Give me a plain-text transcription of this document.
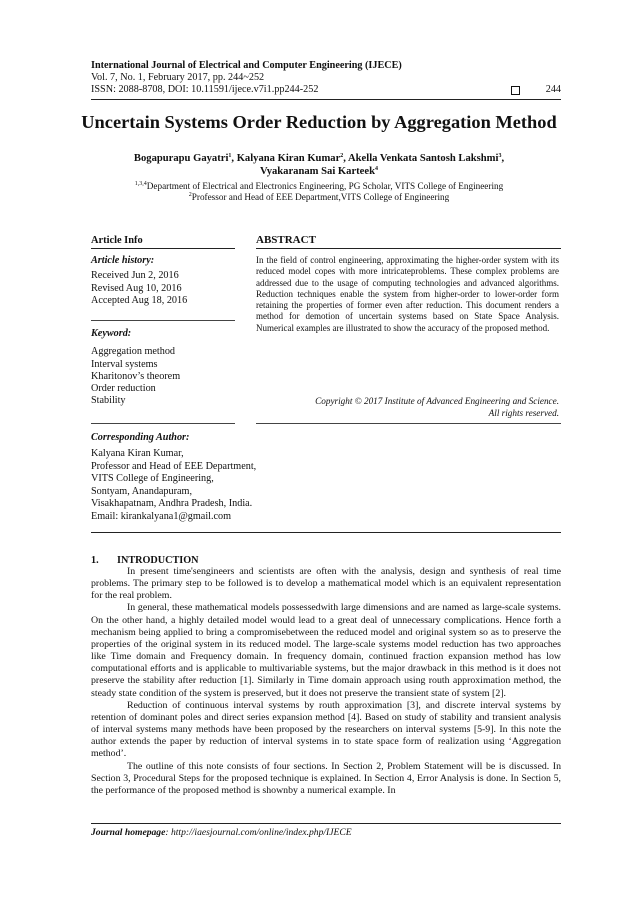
International Journal of Electrical and Computer Engineering (IJECE)
Vol. 7, No. 1, February 2017, pp. 244~252
ISSN: 2088-8708, DOI: 10.11591/ijece.v7i1.pp244-252	244
Uncertain Systems Order Reduction by Aggregation Method
Bogapurapu Gayatri$^1$, Kalyana Kiran Kumar$^2$, Akella Venkata Santosh Lakshmi$^3$,
Vyakaranam Sai Karteek$^4$
$^{1,3,4}$Department of Electrical and Electronics Engineering, PG Scholar, VITS College of Engineering
$^2$Professor and Head of EEE Department,VITS College of Engineering
Article Info
Article history:
Received Jun 2, 2016
Revised Aug 10, 2016
Accepted Aug 18, 2016
Keyword:
Aggregation method
Interval systems
Kharitonov’s theorem
Order reduction
Stability
ABSTRACT
In the field of control engineering, approximating the higher-order system with its reduced model copes with more intricateproblems. These complex problems are addressed due to the usage of computing technologies and advanced algorithms. Reduction techniques enable the system from higher-order to lower-order form retaining the properties of former even after reduction. This document renders a method for demotion of uncertain systems based on State Space Analysis. Numerical examples are illustrated to show the accuracy of the proposed method.
Copyright © 2017 Institute of Advanced Engineering and Science.
All rights reserved.
Corresponding Author:
Kalyana Kiran Kumar,
Professor and Head of EEE Department,
VITS College of Engineering,
Sontyam, Anandapuram,
Visakhapatnam, Andhra Pradesh, India.
Email: kirankalyana1@gmail.com
1. INTRODUCTION

In present time'sengineers and scientists are often with the analysis, design and synthesis of real time problems. The primary step to be followed is to develop a mathematical model which is an equivalent representation for the real problem.

In general, these mathematical models possessedwith large dimensions and are named as large-scale systems. On the other hand, a highly detailed model would lead to a great deal of unnecessary complications. Hence forth a mechanism being applied to bring a compromisebetween the reduced model and original system so as to preserve the properties of the original system in its reduced model. The large-scale systems model reduction has two approaches like Time domain and Frequency domain. In frequency domain, continued fraction expansion method has low computational efforts and is applicable to multivariable systems, but the major drawback in this method is it does not preserve the stability after reduction [1]. Similarly in Time domain approach using routh approximation method, the steady state condition of the system is preserved, but it does not preserve the transient state of system [2].

Reduction of continuous interval systems by routh approximation [3], and discrete interval systems by retention of dominant poles and direct series expansion method [4]. Based on study of stability and transient analysis of interval systems many methods have been proposed by the researchers on interval systems [5-9]. In this note the author extends the paper by reduction of interval systems in to state space form of realization using ‘Aggregation method’.

The outline of this note consists of four sections. In Section 2, Problem Statement will be is discussed. In Section 3, Procedural Steps for the proposed technique is explained. In Section 4, Error Analysis is done. In Section 5, the performance of the proposed method is shownby a numerical example. In

Journal homepage: http://iaesjournal.com/online/index.php/IJECE
